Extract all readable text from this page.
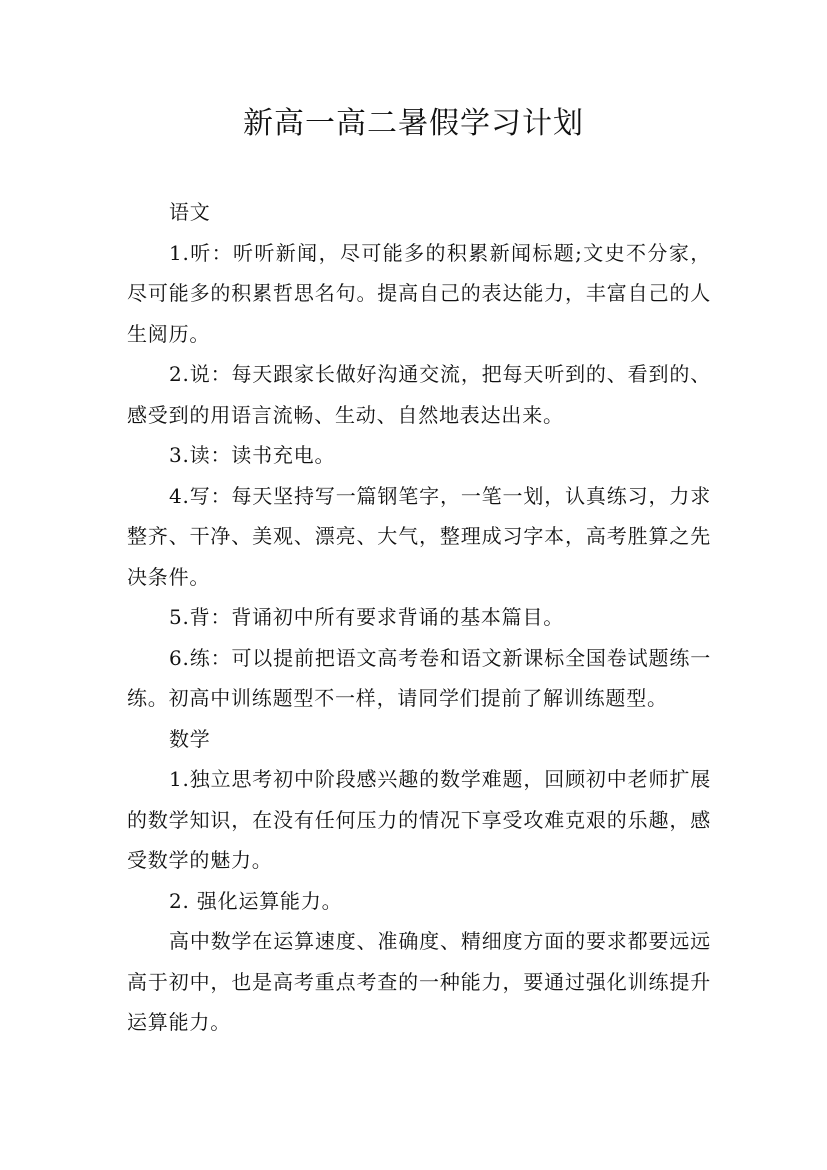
新高一高二暑假学习计划

语文

1.听：听听新闻，尽可能多的积累新闻标题;文史不分家，尽可能多的积累哲思名句。提高自己的表达能力，丰富自己的人生阅历。

2.说：每天跟家长做好沟通交流，把每天听到的、看到的、感受到的用语言流畅、生动、自然地表达出来。

3.读：读书充电。

4.写：每天坚持写一篇钢笔字，一笔一划，认真练习，力求整齐、干净、美观、漂亮、大气，整理成习字本，高考胜算之先决条件。

5.背：背诵初中所有要求背诵的基本篇目。

6.练：可以提前把语文高考卷和语文新课标全国卷试题练一练。初高中训练题型不一样，请同学们提前了解训练题型。

数学

1.独立思考初中阶段感兴趣的数学难题，回顾初中老师扩展的数学知识，在没有任何压力的情况下享受攻难克艰的乐趣，感受数学的魅力。

2. 强化运算能力。

高中数学在运算速度、准确度、精细度方面的要求都要远远高于初中，也是高考重点考查的一种能力，要通过强化训练提升运算能力。
